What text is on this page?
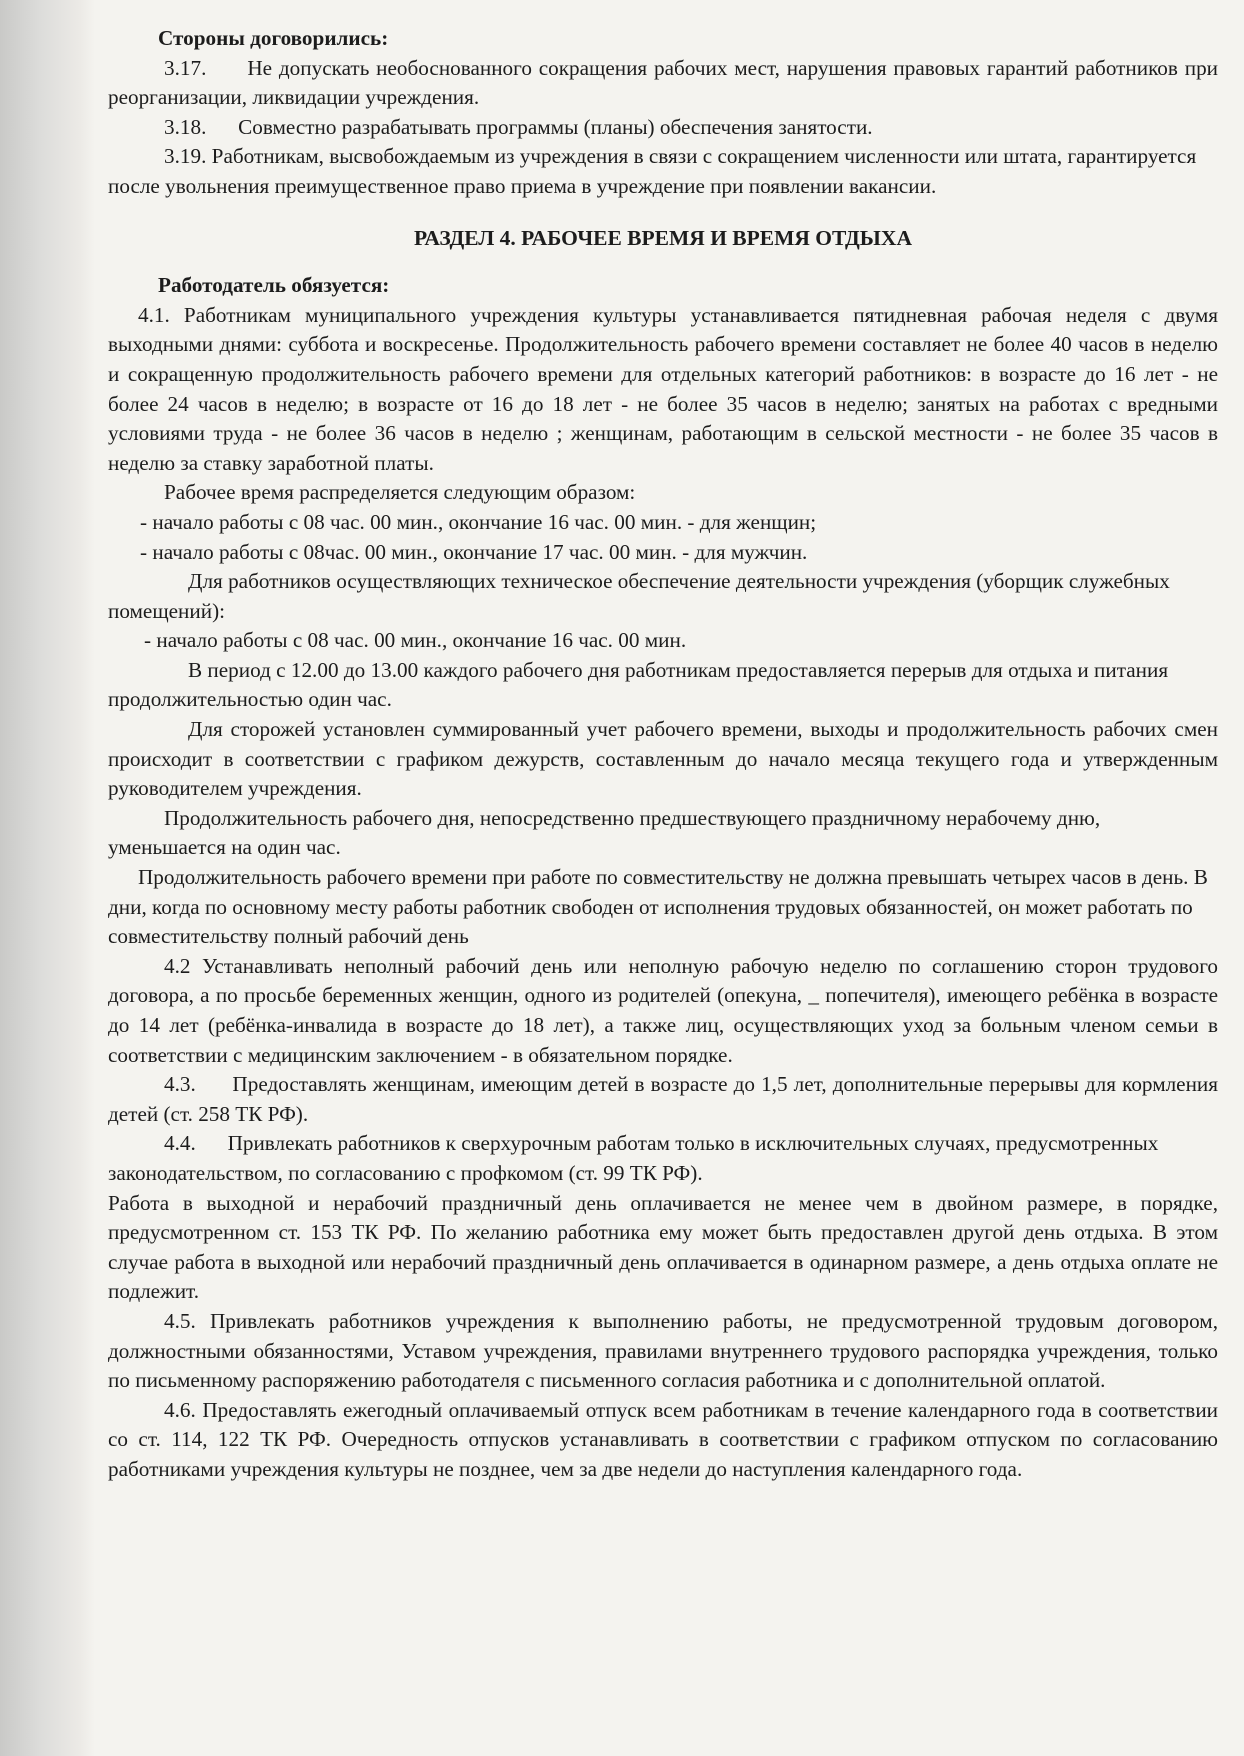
Стороны договорились:

3.17.      Не допускать необоснованного сокращения рабочих мест, нарушения правовых гарантий работников при реорганизации, ликвидации учреждения.

3.18.      Совместно разрабатывать программы (планы) обеспечения занятости.

3.19. Работникам, высвобождаемым из учреждения в связи с сокращением численности или штата, гарантируется после увольнения преимущественное право приема в учреждение при появлении вакансии.

РАЗДЕЛ 4. РАБОЧЕЕ ВРЕМЯ И ВРЕМЯ ОТДЫХА

Работодатель обязуется:

4.1. Работникам муниципального учреждения культуры устанавливается пятидневная рабочая неделя с двумя выходными днями: суббота и воскресенье. Продолжительность рабочего времени составляет не более 40 часов в неделю и сокращенную продолжительность рабочего времени для отдельных категорий работников: в возрасте до 16 лет - не более 24 часов в неделю; в возрасте от 16 до 18 лет - не более 35 часов в неделю; занятых на работах с вредными условиями труда - не более 36 часов в неделю ; женщинам, работающим в сельской местности - не более 35 часов в неделю за ставку заработной платы.

Рабочее время распределяется следующим образом:

- начало работы с 08 час. 00 мин., окончание 16 час. 00 мин. - для женщин;

- начало работы с 08час. 00 мин., окончание 17 час. 00 мин. - для мужчин.

Для работников осуществляющих техническое обеспечение деятельности учреждения (уборщик служебных помещений):

- начало работы с 08 час. 00 мин., окончание 16 час. 00 мин.

В период с 12.00 до 13.00 каждого рабочего дня работникам предоставляется перерыв для отдыха и питания продолжительностью один час.

Для сторожей установлен суммированный учет рабочего времени, выходы и продолжительность рабочих смен происходит в соответствии с графиком дежурств, составленным до начало месяца текущего года и утвержденным руководителем учреждения.

Продолжительность рабочего дня, непосредственно предшествующего праздничному нерабочему дню, уменьшается на один час.

Продолжительность рабочего времени при работе по совместительству не должна превышать четырех часов в день. В дни, когда по основному месту работы работник свободен от исполнения трудовых обязанностей, он может работать по совместительству полный рабочий день

4.2 Устанавливать неполный рабочий день или неполную рабочую неделю по соглашению сторон трудового договора, а по просьбе беременных женщин, одного из родителей (опекуна, _ попечителя), имеющего ребёнка в возрасте до 14 лет (ребёнка-инвалида в возрасте до 18 лет), а также лиц, осуществляющих уход за больным членом семьи в соответствии с медицинским заключением - в обязательном порядке.

4.3.      Предоставлять женщинам, имеющим детей в возрасте до 1,5 лет, дополнительные перерывы для кормления детей (ст. 258 ТК РФ).

4.4.      Привлекать работников к сверхурочным работам только в исключительных случаях, предусмотренных законодательством, по согласованию с профкомом (ст. 99 ТК РФ).

Работа в выходной и нерабочий праздничный день оплачивается не менее чем в двойном размере, в порядке, предусмотренном ст. 153 ТК РФ. По желанию работника ему может быть предоставлен другой день отдыха. В этом случае работа в выходной или нерабочий праздничный день оплачивается в одинарном размере, а день отдыха оплате не подлежит.

4.5. Привлекать работников учреждения к выполнению работы, не предусмотренной трудовым договором, должностными обязанностями, Уставом учреждения, правилами внутреннего трудового распорядка учреждения, только по письменному распоряжению работодателя с письменного согласия работника и с дополнительной оплатой.

4.6. Предоставлять ежегодный оплачиваемый отпуск всем работникам в течение календарного года в соответствии со ст. 114, 122 ТК РФ. Очередность отпусков устанавливать в соответствии с графиком отпуском по согласованию работниками учреждения культуры не позднее, чем за две недели до наступления календарного года.
